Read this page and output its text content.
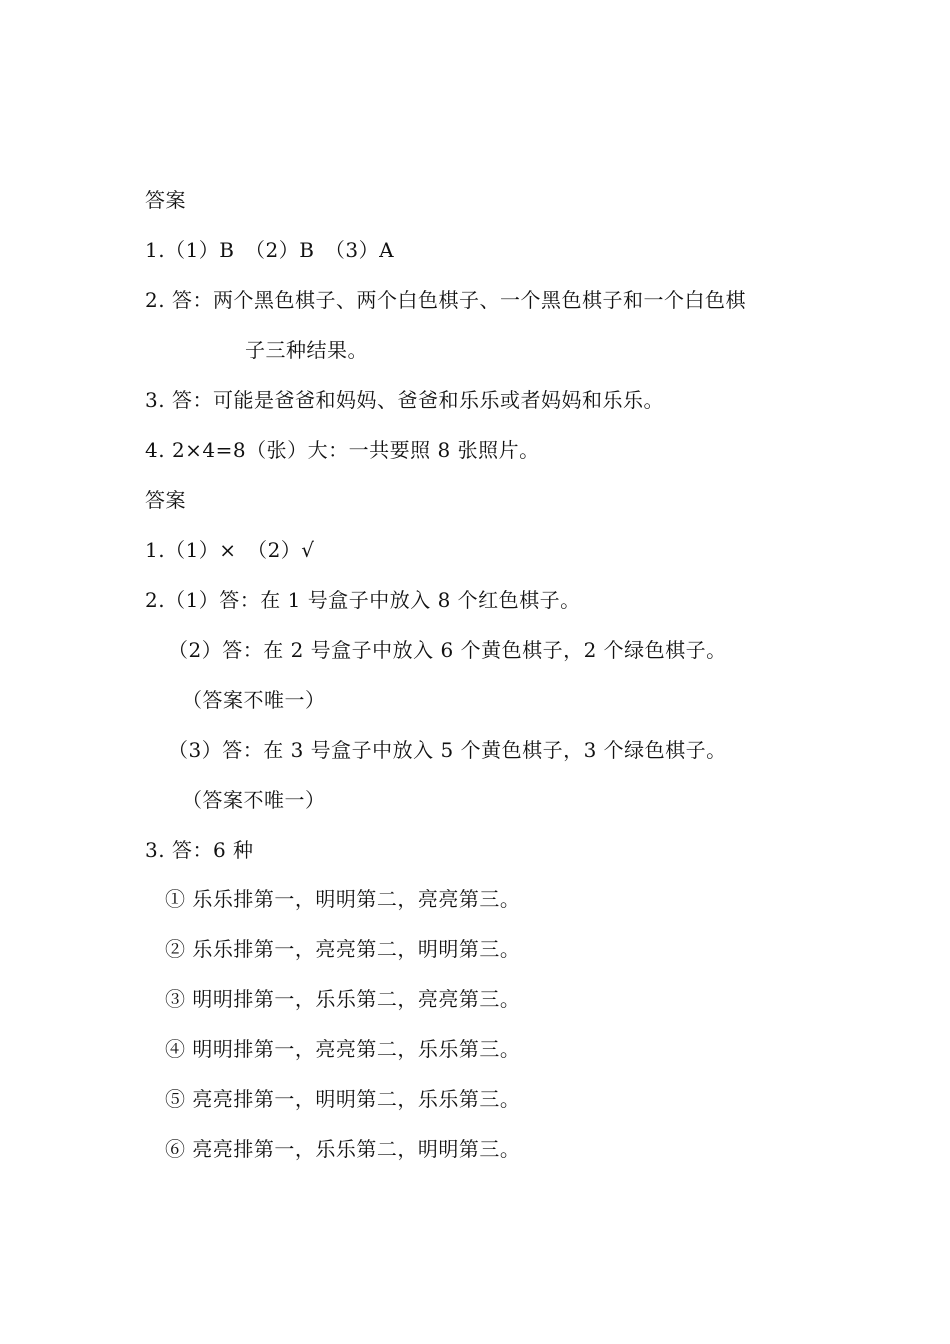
答案
1.（1）B　（2）B　（3）A
2. 答：两个黑色棋子、两个白色棋子、一个黑色棋子和一个白色棋
子三种结果。
3. 答：可能是爸爸和妈妈、爸爸和乐乐或者妈妈和乐乐。
4. 2×4=8（张）大：一共要照 8 张照片。
答案
1.（1）×　（2）√
2.（1）答：在 1 号盒子中放入 8 个红色棋子。
（2）答：在 2 号盒子中放入 6 个黄色棋子，2 个绿色棋子。
（答案不唯一）
（3）答：在 3 号盒子中放入 5 个黄色棋子，3 个绿色棋子。
（答案不唯一）
3. 答：6 种
① 乐乐排第一，明明第二，亮亮第三。
② 乐乐排第一，亮亮第二，明明第三。
③ 明明排第一，乐乐第二，亮亮第三。
④ 明明排第一，亮亮第二，乐乐第三。
⑤ 亮亮排第一，明明第二，乐乐第三。
⑥ 亮亮排第一，乐乐第二，明明第三。
